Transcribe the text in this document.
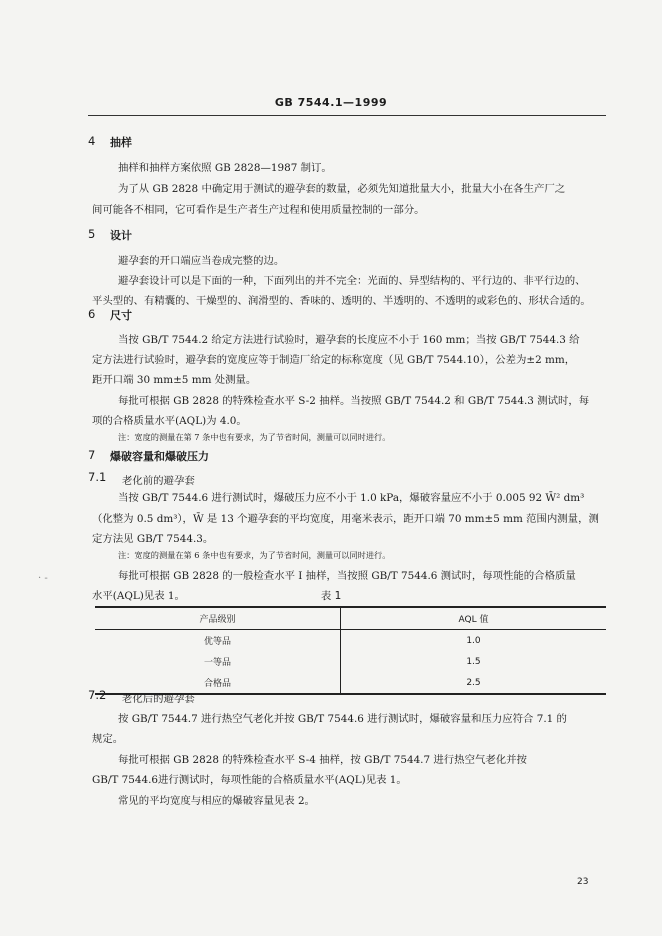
GB 7544.1—1999
4 抽样
抽样和抽样方案依照 GB 2828—1987 制订。
为了从 GB 2828 中确定用于测试的避孕套的数量，必须先知道批量大小，批量大小在各生产厂之
间可能各不相同，它可看作是生产者生产过程和使用质量控制的一部分。
5 设计
避孕套的开口端应当卷成完整的边。
避孕套设计可以是下面的一种，下面列出的并不完全：光面的、异型结构的、平行边的、非平行边的、
平头型的、有精囊的、干燥型的、润滑型的、香味的、透明的、半透明的、不透明的或彩色的、形状合适的。
6 尺寸
当按 GB/T 7544.2 给定方法进行试验时，避孕套的长度应不小于 160 mm；当按 GB/T 7544.3 给
定方法进行试验时，避孕套的宽度应等于制造厂给定的标称宽度（见 GB/T 7544.10），公差为±2 mm，
距开口端 30 mm±5 mm 处测量。
每批可根据 GB 2828 的特殊检查水平 S-2 抽样。当按照 GB/T 7544.2 和 GB/T 7544.3 测试时，每
项的合格质量水平(AQL)为 4.0。
注：宽度的测量在第 7 条中也有要求，为了节省时间，测量可以同时进行。
7 爆破容量和爆破压力
7.1 老化前的避孕套
当按 GB/T 7544.6 进行测试时，爆破压力应不小于 1.0 kPa，爆破容量应不小于 0.005 92 W̄² dm³
（化整为 0.5 dm³），W̄ 是 13 个避孕套的平均宽度，用毫米表示，距开口端 70 mm±5 mm 范围内测量，测
定方法见 GB/T 7544.3。
注：宽度的测量在第 6 条中也有要求，为了节省时间，测量可以同时进行。
每批可根据 GB 2828 的一般检查水平 I 抽样，当按照 GB/T 7544.6 测试时，每项性能的合格质量
· -
水平(AQL)见表 1。	表 1
产品级别	AQL 值
优等品	1.0
一等品	1.5
合格品	2.5
7.2 老化后的避孕套
按 GB/T 7544.7 进行热空气老化并按 GB/T 7544.6 进行测试时，爆破容量和压力应符合 7.1 的
规定。
每批可根据 GB 2828 的特殊检查水平 S-4 抽样，按 GB/T 7544.7 进行热空气老化并按
GB/T 7544.6进行测试时，每项性能的合格质量水平(AQL)见表 1。
常见的平均宽度与相应的爆破容量见表 2。
23
